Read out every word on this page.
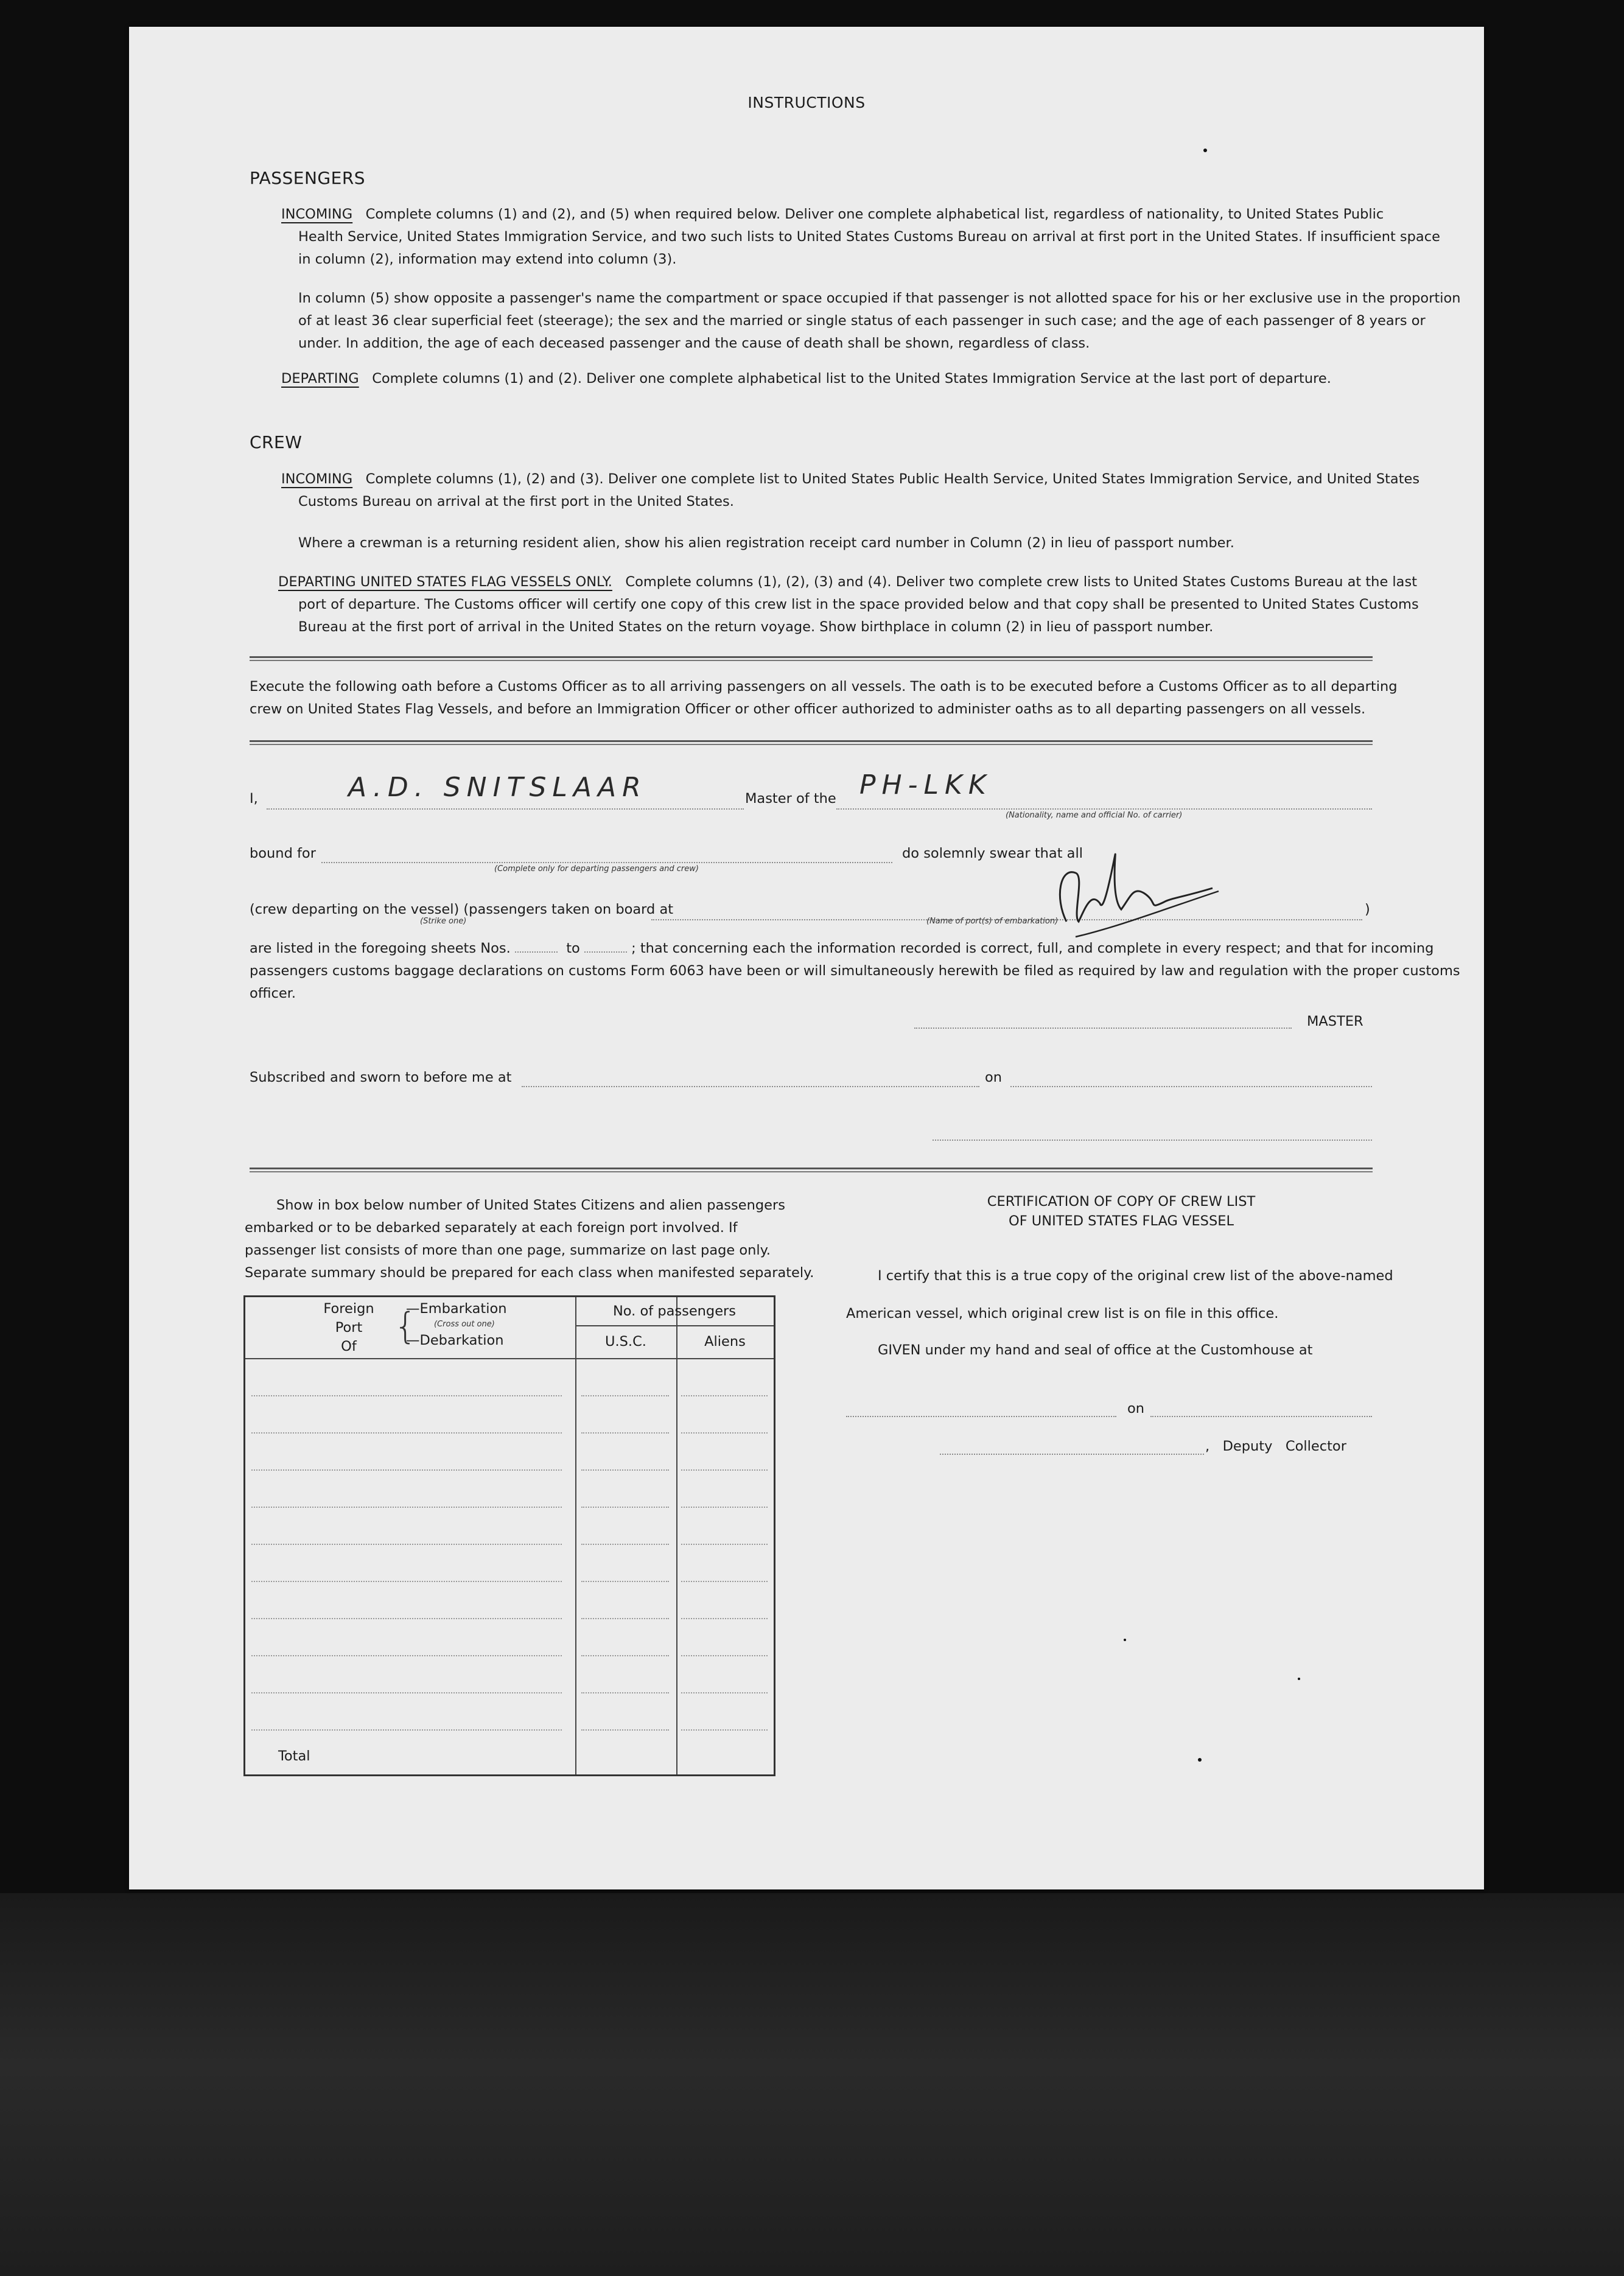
INSTRUCTIONS
PASSENGERS
INCOMING Complete columns (1) and (2), and (5) when required below. Deliver one complete alphabetical list, regardless of nationality, to United States Public
Health Service, United States Immigration Service, and two such lists to United States Customs Bureau on arrival at first port in the United States. If insufficient space
in column (2), information may extend into column (3).
In column (5) show opposite a passenger's name the compartment or space occupied if that passenger is not allotted space for his or her exclusive use in the proportion
of at least 36 clear superficial feet (steerage); the sex and the married or single status of each passenger in such case; and the age of each passenger of 8 years or
under. In addition, the age of each deceased passenger and the cause of death shall be shown, regardless of class.
DEPARTING Complete columns (1) and (2). Deliver one complete alphabetical list to the United States Immigration Service at the last port of departure.
CREW
INCOMING Complete columns (1), (2) and (3). Deliver one complete list to United States Public Health Service, United States Immigration Service, and United States
Customs Bureau on arrival at the first port in the United States.
Where a crewman is a returning resident alien, show his alien registration receipt card number in Column (2) in lieu of passport number.
DEPARTING UNITED STATES FLAG VESSELS ONLY. Complete columns (1), (2), (3) and (4). Deliver two complete crew lists to United States Customs Bureau at the last
port of departure. The Customs officer will certify one copy of this crew list in the space provided below and that copy shall be presented to United States Customs
Bureau at the first port of arrival in the United States on the return voyage. Show birthplace in column (2) in lieu of passport number.
Execute the following oath before a Customs Officer as to all arriving passengers on all vessels. The oath is to be executed before a Customs Officer as to all departing
crew on United States Flag Vessels, and before an Immigration Officer or other officer authorized to administer oaths as to all departing passengers on all vessels.
I,	A.D. SNITSLAAR	Master of the PH-LKK
(Nationality, name and official No. of carrier)
bound for
(Complete only for departing passengers and crew)
do solemnly swear that all
(crew departing on the vessel) (passengers taken on board at
(Strike one)	(Name of port(s) of embarkation)
)
are listed in the foregoing sheets Nos.	to	; that concerning each the information recorded is correct, full, and complete in every respect; and that for incoming
passengers customs baggage declarations on customs Form 6063 have been or will simultaneously herewith be filed as required by law and regulation with the proper customs
officer.
MASTER
Subscribed and sworn to before me at	on
Show in box below number of United States Citizens and alien passengers
embarked or to be debarked separately at each foreign port involved. If
passenger list consists of more than one page, summarize on last page only.
Separate summary should be prepared for each class when manifested separately.
Foreign
Port
Of	{
—Embarkation
(Cross out one)
—Debarkation
No. of passengers
U.S.C.	Aliens
Total
CERTIFICATION OF COPY OF CREW LIST
OF UNITED STATES FLAG VESSEL
I certify that this is a true copy of the original crew list of the above-named
American vessel, which original crew list is on file in this office.
GIVEN under my hand and seal of office at the Customhouse at
on
,   Deputy   Collector
